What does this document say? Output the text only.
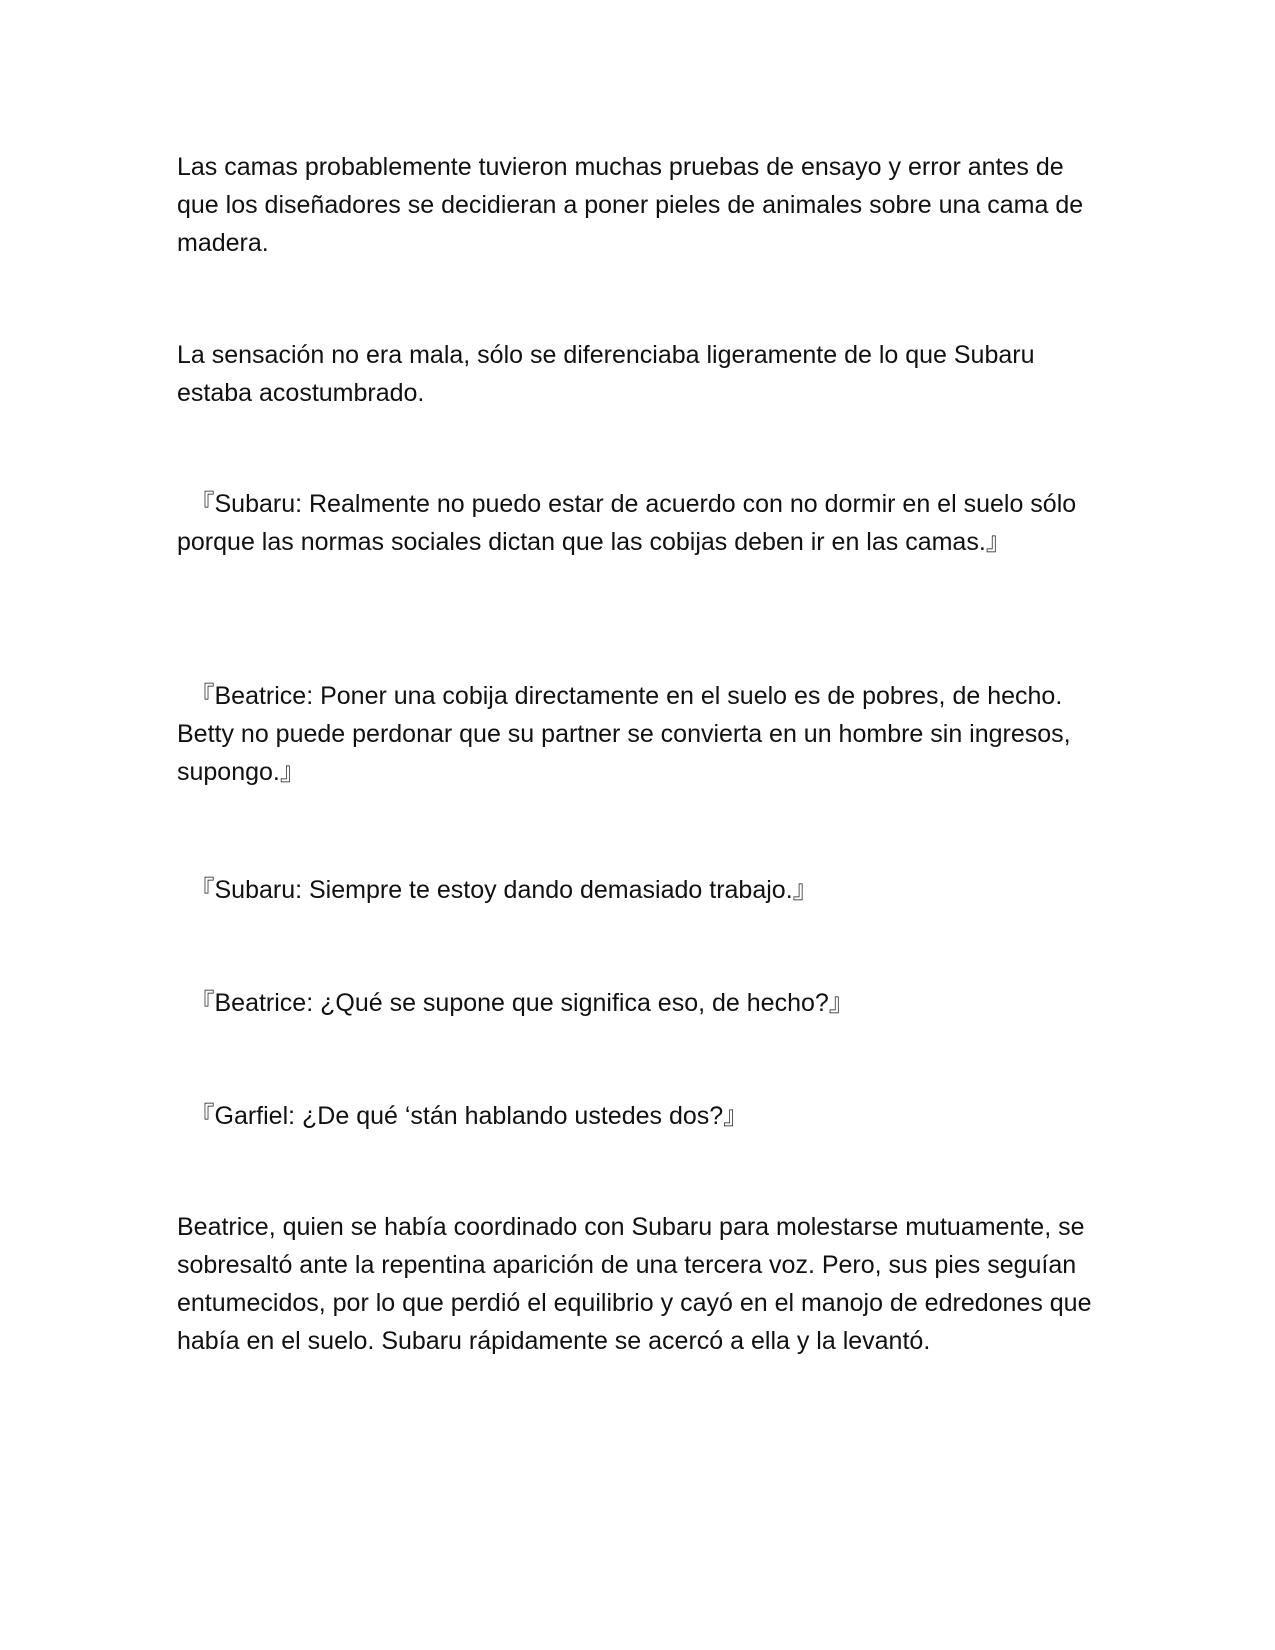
Las camas probablemente tuvieron muchas pruebas de ensayo y error antes de que los diseñadores se decidieran a poner pieles de animales sobre una cama de madera.

La sensación no era mala, sólo se diferenciaba ligeramente de lo que Subaru estaba acostumbrado.

　『Subaru: Realmente no puedo estar de acuerdo con no dormir en el suelo sólo porque las normas sociales dictan que las cobijas deben ir en las camas.』

　『Beatrice: Poner una cobija directamente en el suelo es de pobres, de hecho. Betty no puede perdonar que su partner se convierta en un hombre sin ingresos, supongo.』

　『Subaru: Siempre te estoy dando demasiado trabajo.』

　『Beatrice: ¿Qué se supone que significa eso, de hecho?』

　『Garfiel: ¿De qué ‘stán hablando ustedes dos?』

Beatrice, quien se había coordinado con Subaru para molestarse mutuamente, se sobresaltó ante la repentina aparición de una tercera voz. Pero, sus pies seguían entumecidos, por lo que perdió el equilibrio y cayó en el manojo de edredones que había en el suelo. Subaru rápidamente se acercó a ella y la levantó.
